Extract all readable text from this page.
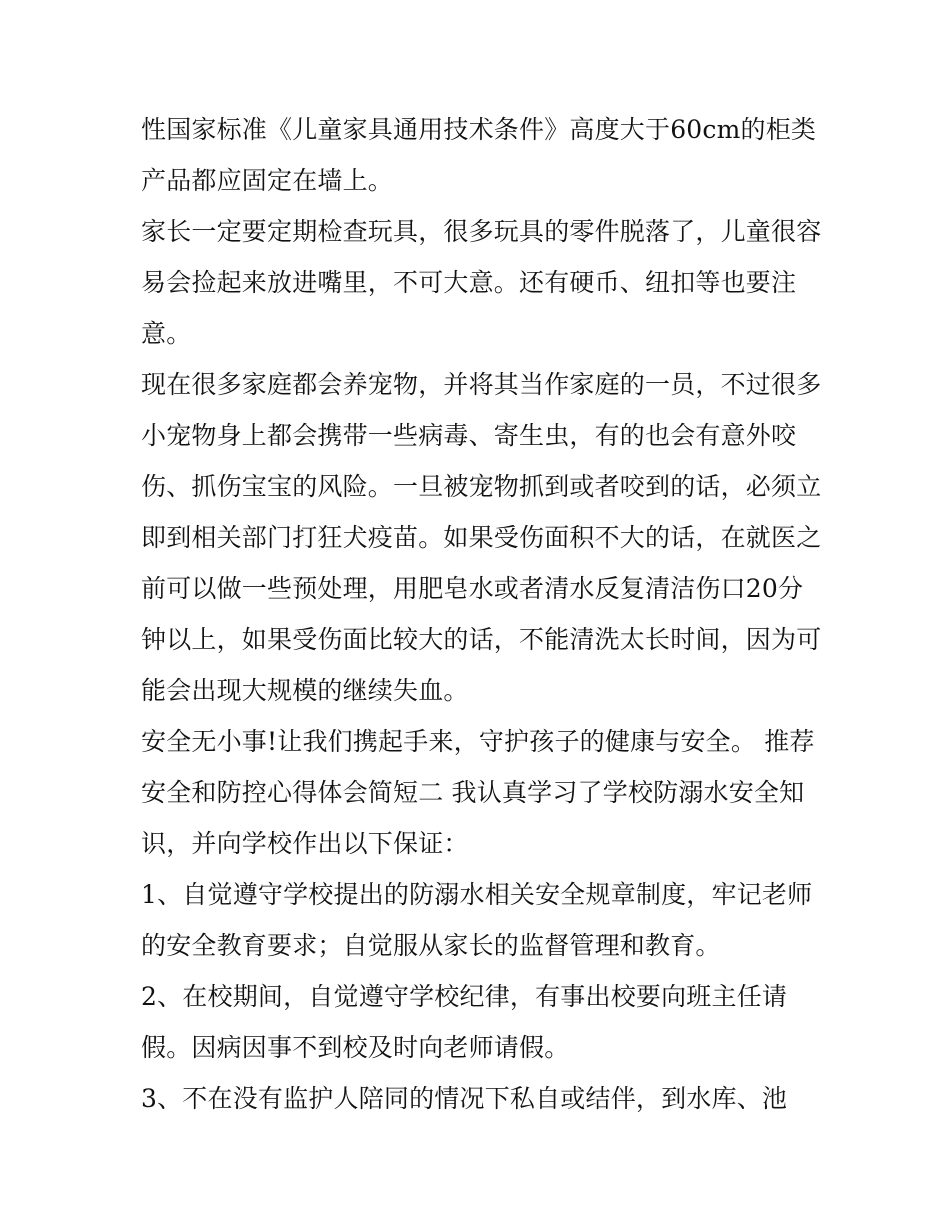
性国家标准《儿童家具通用技术条件》高度大于60cm的柜类
产品都应固定在墙上。
家长一定要定期检查玩具，很多玩具的零件脱落了，儿童很容
易会捡起来放进嘴里，不可大意。还有硬币、纽扣等也要注
意。
现在很多家庭都会养宠物，并将其当作家庭的一员，不过很多
小宠物身上都会携带一些病毒、寄生虫，有的也会有意外咬
伤、抓伤宝宝的风险。一旦被宠物抓到或者咬到的话，必须立
即到相关部门打狂犬疫苗。如果受伤面积不大的话，在就医之
前可以做一些预处理，用肥皂水或者清水反复清洁伤口20分
钟以上，如果受伤面比较大的话，不能清洗太长时间，因为可
能会出现大规模的继续失血。
安全无小事!让我们携起手来，守护孩子的健康与安全。 推荐
安全和防控心得体会简短二 我认真学习了学校防溺水安全知
识，并向学校作出以下保证：
1、自觉遵守学校提出的防溺水相关安全规章制度，牢记老师
的安全教育要求；自觉服从家长的监督管理和教育。
2、在校期间，自觉遵守学校纪律，有事出校要向班主任请
假。因病因事不到校及时向老师请假。
3、不在没有监护人陪同的情况下私自或结伴，到水库、池
